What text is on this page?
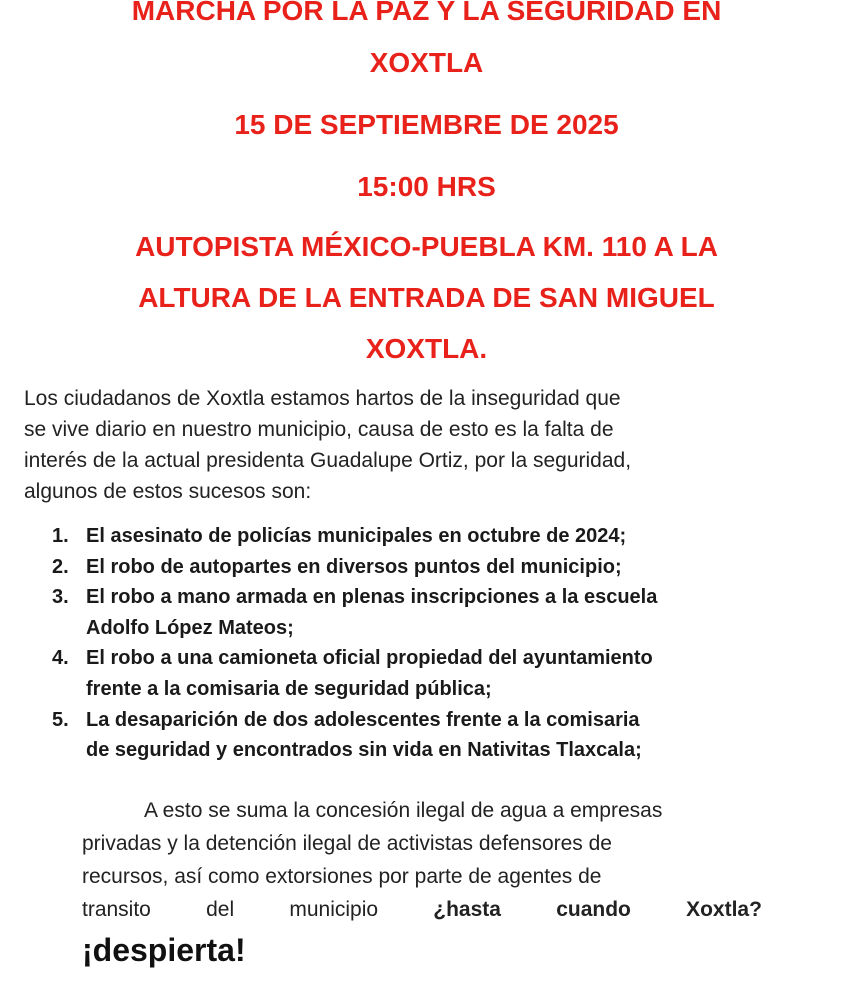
MARCHA POR LA PAZ Y LA SEGURIDAD EN
XOXTLA
15 DE SEPTIEMBRE DE 2025
15:00 HRS
AUTOPISTA MÉXICO-PUEBLA KM. 110 A LA
ALTURA DE LA ENTRADA DE SAN MIGUEL
XOXTLA.
Los ciudadanos de Xoxtla estamos hartos de la inseguridad que
se vive diario en nuestro municipio, causa de esto es la falta de
interés de la actual presidenta Guadalupe Ortiz, por la seguridad,
algunos de estos sucesos son:
1. El asesinato de policías municipales en octubre de 2024;
2. El robo de autopartes en diversos puntos del municipio;
3. El robo a mano armada en plenas inscripciones a la escuela
Adolfo López Mateos;
4. El robo a una camioneta oficial propiedad del ayuntamiento
frente a la comisaria de seguridad pública;
5. La desaparición de dos adolescentes frente a la comisaria
de seguridad y encontrados sin vida en Nativitas Tlaxcala;
A esto se suma la concesión ilegal de agua a empresas
privadas y la detención ilegal de activistas defensores de
recursos, así como extorsiones por parte de agentes de
transito	del	municipio	¿hasta	cuando	Xoxtla?
¡despierta!
